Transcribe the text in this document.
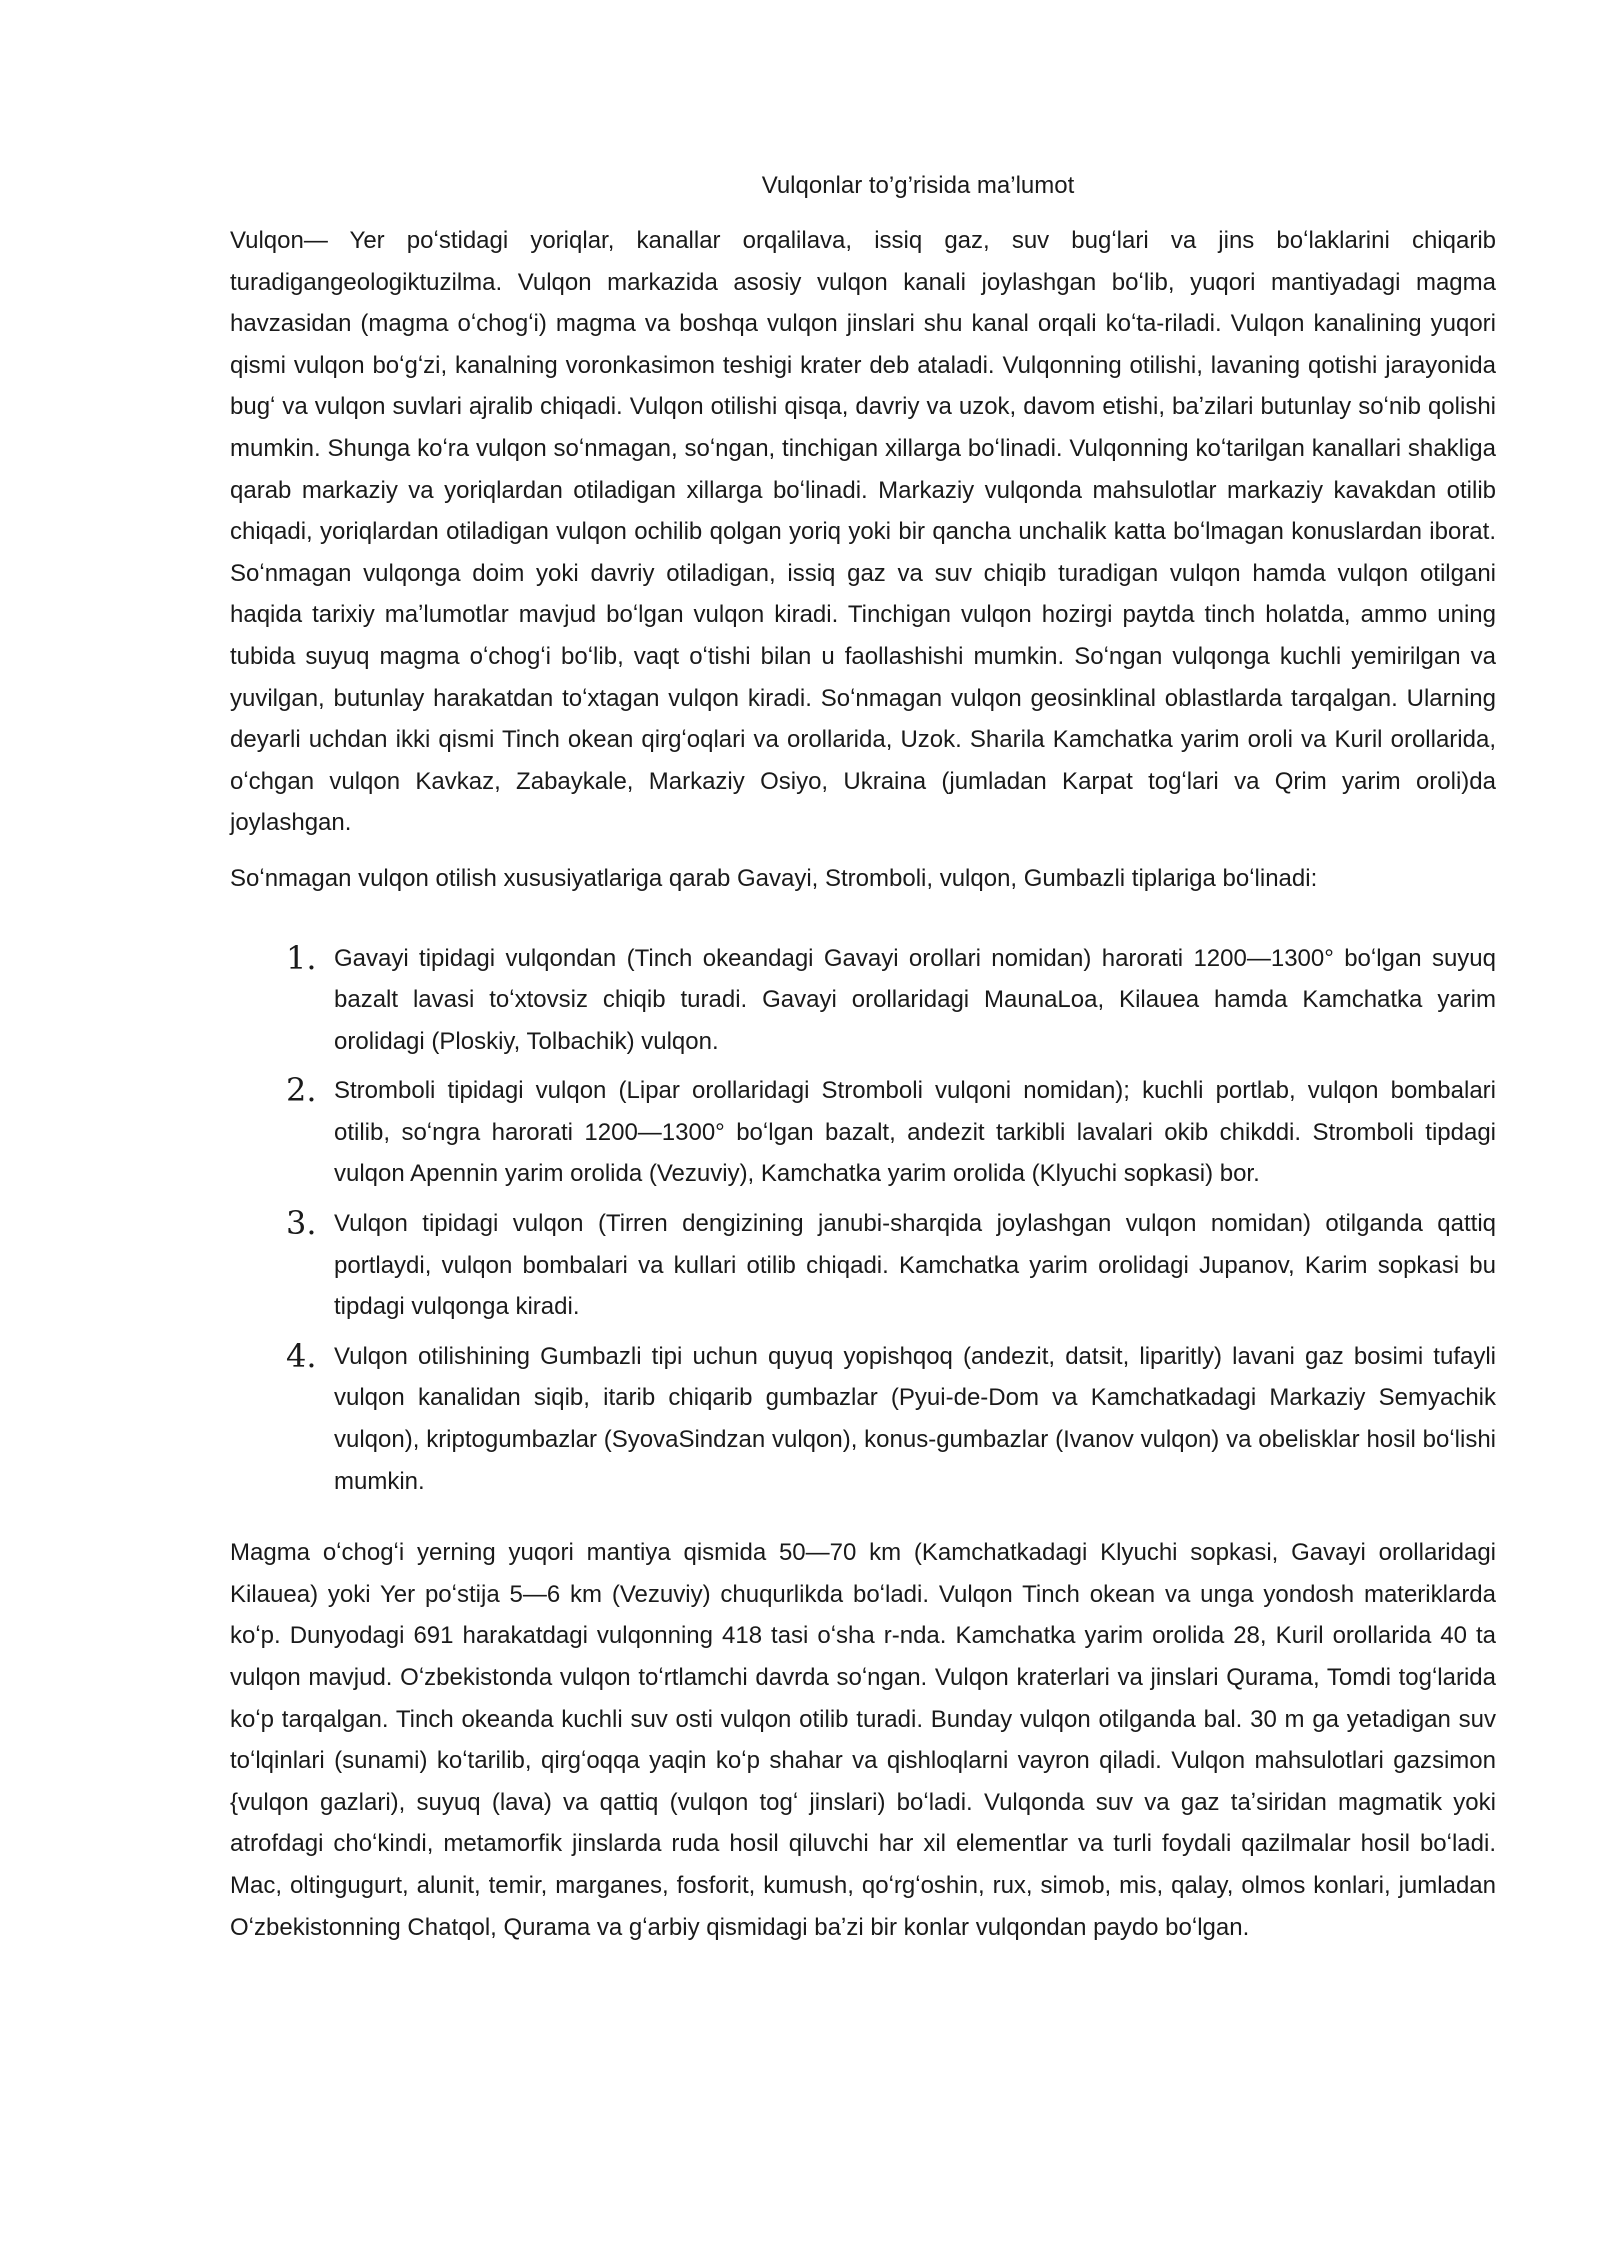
Vulqonlar to’g’risida ma’lumot

Vulqon— Yer poʻstidagi yoriqlar, kanallar orqalilava, issiq gaz, suv bugʻlari va jins boʻlaklarini chiqarib turadigangeologiktuzilma. Vulqon markazida asosiy vulqon kanali joylashgan boʻlib, yuqori mantiyadagi magma havzasidan (magma oʻchogʻi) magma va boshqa vulqon jinslari shu kanal orqali koʻta-riladi. Vulqon kanalining yuqori qismi vulqon boʻgʻzi, kanalning voronkasimon teshigi krater deb ataladi. Vulqonning otilishi, lavaning qotishi jarayonida bugʻ va vulqon suvlari ajralib chiqadi. Vulqon otilishi qisqa, davriy va uzok, davom etishi, baʼzilari butunlay soʻnib qolishi mumkin. Shunga koʻra vulqon soʻnmagan, soʻngan, tinchigan xillarga boʻlinadi. Vulqonning koʻtarilgan kanallari shakliga qarab markaziy va yoriqlardan otiladigan xillarga boʻlinadi. Markaziy vulqonda mahsulotlar markaziy kavakdan otilib chiqadi, yoriqlardan otiladigan vulqon ochilib qolgan yoriq yoki bir qancha unchalik katta boʻlmagan konuslardan iborat. Soʻnmagan vulqonga doim yoki davriy otiladigan, issiq gaz va suv chiqib turadigan vulqon hamda vulqon otilgani haqida tarixiy maʼlumotlar mavjud boʻlgan vulqon kiradi. Tinchigan vulqon hozirgi paytda tinch holatda, ammo uning tubida suyuq magma oʻchogʻi boʻlib, vaqt oʻtishi bilan u faollashishi mumkin. Soʻngan vulqonga kuchli yemirilgan va yuvilgan, butunlay harakatdan toʻxtagan vulqon kiradi. Soʻnmagan vulqon geosinklinal oblastlarda tarqalgan. Ularning deyarli uchdan ikki qismi Tinch okean qirgʻoqlari va orollarida, Uzok. Sharila Kamchatka yarim oroli va Kuril orollarida, oʻchgan vulqon Kavkaz, Zabaykale, Markaziy Osiyo, Ukraina (jumladan Karpat togʻlari va Qrim yarim oroli)da joylashgan.

Soʻnmagan vulqon otilish xususiyatlariga qarab Gavayi, Stromboli, vulqon, Gumbazli tiplariga boʻlinadi:

1. Gavayi tipidagi vulqondan (Tinch okeandagi Gavayi orollari nomidan) harorati 1200—1300° boʻlgan suyuq bazalt lavasi toʻxtovsiz chiqib turadi. Gavayi orollaridagi MaunaLoa, Kilauea hamda Kamchatka yarim orolidagi (Ploskiy, Tolbachik) vulqon.
2. Stromboli tipidagi vulqon (Lipar orollaridagi Stromboli vulqoni nomidan); kuchli portlab, vulqon bombalari otilib, soʻngra harorati 1200—1300° boʻlgan bazalt, andezit tarkibli lavalari okib chikddi. Stromboli tipdagi vulqon Apennin yarim orolida (Vezuviy), Kamchatka yarim orolida (Klyuchi sopkasi) bor.
3. Vulqon tipidagi vulqon (Tirren dengizining janubi-sharqida joylashgan vulqon nomidan) otilganda qattiq portlaydi, vulqon bombalari va kullari otilib chiqadi. Kamchatka yarim orolidagi Jupanov, Karim sopkasi bu tipdagi vulqonga kiradi.
4. Vulqon otilishining Gumbazli tipi uchun quyuq yopishqoq (andezit, datsit, liparitly) lavani gaz bosimi tufayli vulqon kanalidan siqib, itarib chiqarib gumbazlar (Pyui-de-Dom va Kamchatkadagi Markaziy Semyachik vulqon), kriptogumbazlar (SyovaSindzan vulqon), konus-gumbazlar (Ivanov vulqon) va obelisklar hosil boʻlishi mumkin.

Magma oʻchogʻi yerning yuqori mantiya qismida 50—70 km (Kamchatkadagi Klyuchi sopkasi, Gavayi orollaridagi Kilauea) yoki Yer poʻstija 5—6 km (Vezuviy) chuqurlikda boʻladi. Vulqon Tinch okean va unga yondosh materiklarda koʻp. Dunyodagi 691 harakatdagi vulqonning 418 tasi oʻsha r-nda. Kamchatka yarim orolida 28, Kuril orollarida 40 ta vulqon mavjud. Oʻzbekistonda vulqon toʻrtlamchi davrda soʻngan. Vulqon kraterlari va jinslari Qurama, Tomdi togʻlarida koʻp tarqalgan. Tinch okeanda kuchli suv osti vulqon otilib turadi. Bunday vulqon otilganda bal. 30 m ga yetadigan suv toʻlqinlari (sunami) koʻtarilib, qirgʻoqqa yaqin koʻp shahar va qishloqlarni vayron qiladi. Vulqon mahsulotlari gazsimon {vulqon gazlari), suyuq (lava) va qattiq (vulqon togʻ jinslari) boʻladi. Vulqonda suv va gaz taʼsiridan magmatik yoki atrofdagi choʻkindi, metamorfik jinslarda ruda hosil qiluvchi har xil elementlar va turli foydali qazilmalar hosil boʻladi. Mac, oltingugurt, alunit, temir, marganes, fosforit, kumush, qoʻrgʻoshin, rux, simob, mis, qalay, olmos konlari, jumladan Oʻzbekistonning Chatqol, Qurama va gʻarbiy qismidagi baʼzi bir konlar vulqondan paydo boʻlgan.
